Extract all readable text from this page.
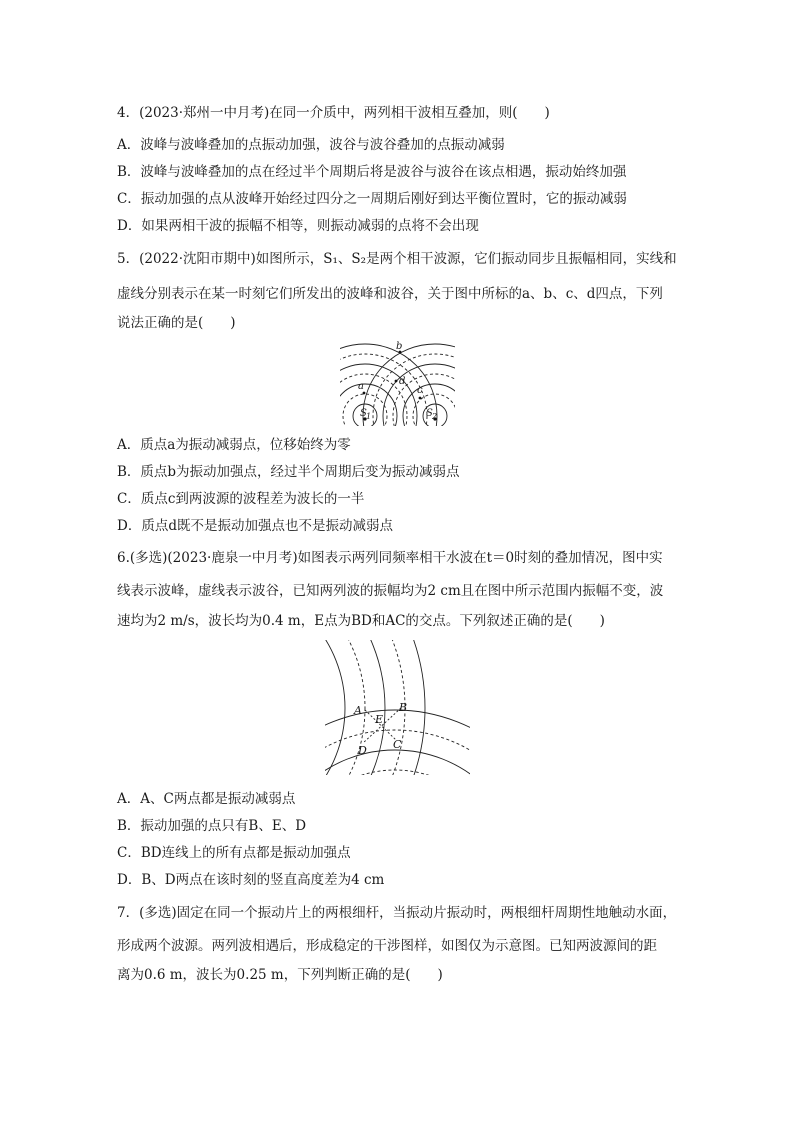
4．(2023·郑州一中月考)在同一介质中，两列相干波相互叠加，则(　　)
A．波峰与波峰叠加的点振动加强，波谷与波谷叠加的点振动减弱
B．波峰与波峰叠加的点在经过半个周期后将是波谷与波谷在该点相遇，振动始终加强
C．振动加强的点从波峰开始经过四分之一周期后刚好到达平衡位置时，它的振动减弱
D．如果两相干波的振幅不相等，则振动减弱的点将不会出现
5．(2022·沈阳市期中)如图所示，S₁、S₂是两个相干波源，它们振动同步且振幅相同，实线和
虚线分别表示在某一时刻它们所发出的波峰和波谷，关于图中所标的a、b、c、d四点，下列
说法正确的是(　　)
a
b
c
d
S 1	S 2
A．质点a为振动减弱点，位移始终为零
B．质点b为振动加强点，经过半个周期后变为振动减弱点
C．质点c到两波源的波程差为波长的一半
D．质点d既不是振动加强点也不是振动减弱点
6.(多选)(2023·鹿泉一中月考)如图表示两列同频率相干水波在t＝0时刻的叠加情况，图中实
线表示波峰，虚线表示波谷，已知两列波的振幅均为2 cm且在图中所示范围内振幅不变，波
速均为2 m/s，波长均为0.4 m，E点为BD和AC的交点。下列叙述正确的是(　　)
A	B
C
D
E
A．A、C两点都是振动减弱点
B．振动加强的点只有B、E、D
C．BD连线上的所有点都是振动加强点
D．B、D两点在该时刻的竖直高度差为4 cm
7．(多选)固定在同一个振动片上的两根细杆，当振动片振动时，两根细杆周期性地触动水面，
形成两个波源。两列波相遇后，形成稳定的干涉图样，如图仅为示意图。已知两波源间的距
离为0.6 m，波长为0.25 m，下列判断正确的是(　　)
